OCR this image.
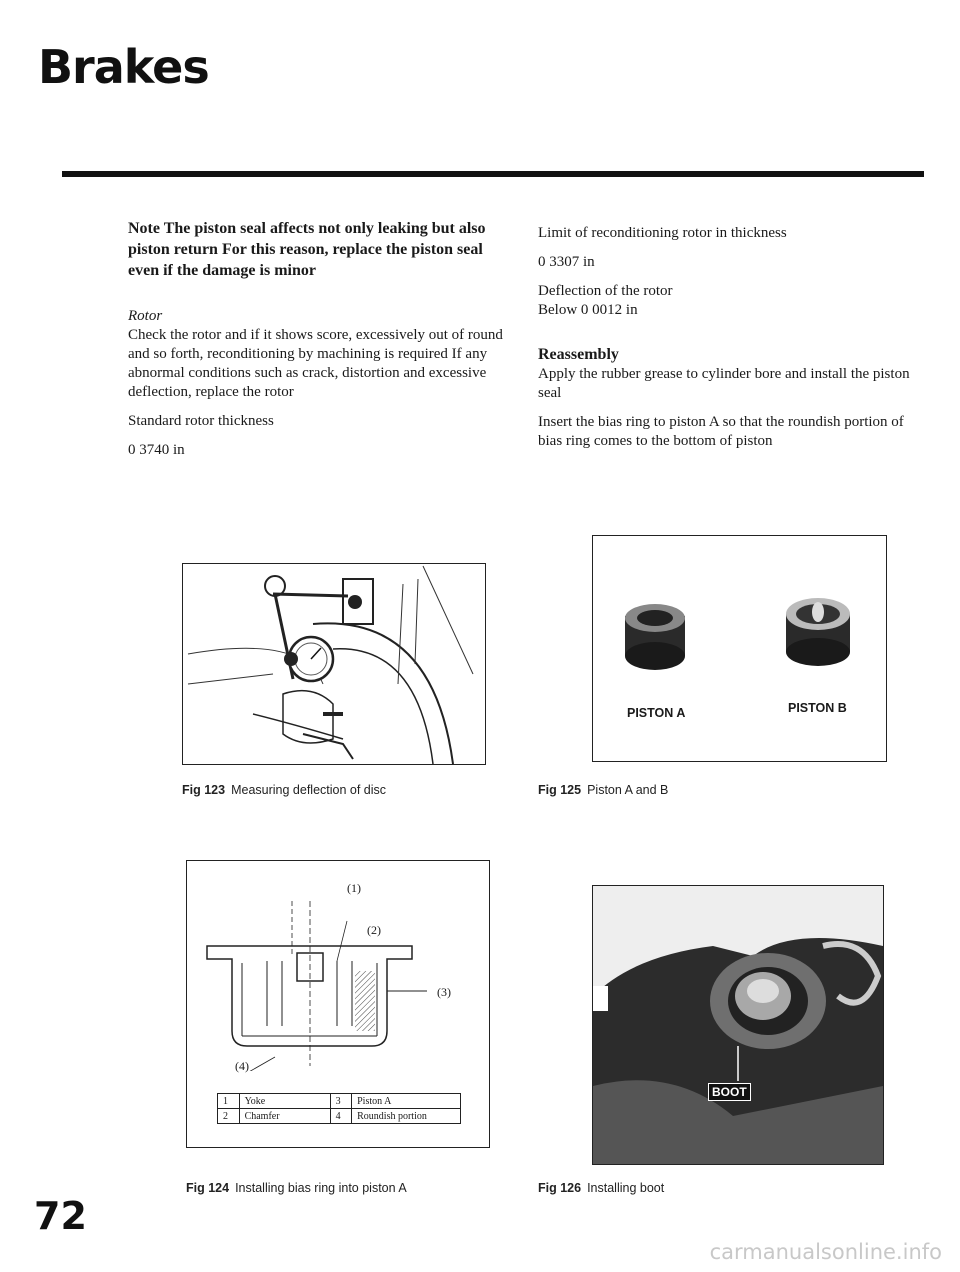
Brakes

Note The piston seal affects not only leaking but also piston return For this reason, replace the piston seal even if the damage is minor

Rotor

Check the rotor and if it shows score, excessively out of round and so forth, reconditioning by machining is required If any abnormal conditions such as crack, distortion and excessive deflection, replace the rotor

Standard rotor thickness

0 3740 in

Limit of reconditioning rotor in thickness

0 3307 in

Deflection of the rotor

Below 0 0012 in

Reassembly

Apply the rubber grease to cylinder bore and install the piston seal

Insert the bias ring to piston A so that the roundish portion of bias ring comes to the bottom of piston

Fig 123 Measuring deflection of disc
PISTON A	PISTON B
Fig 125 Piston A and B
(1)
(2)
(3)
(4)
1	Yoke	3	Piston A
2	Chamfer	4	Roundish portion
Fig 124 Installing bias ring into piston A
BOOT
Fig 126 Installing boot
72
carmanualsonline.info
